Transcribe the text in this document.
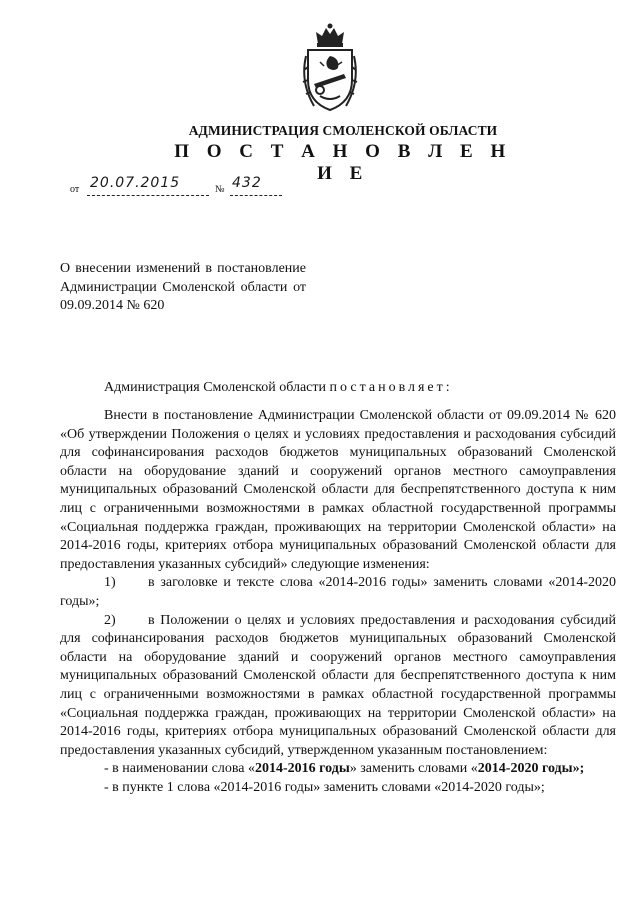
АДМИНИСТРАЦИЯ СМОЛЕНСКОЙ ОБЛАСТИ
П О С Т А Н О В Л Е Н И Е
от 20.07.2015	№ 432
О внесении изменений в постановление Администрации Смоленской области от 09.09.2014 № 620
Администрация Смоленской области постановляет:

Внести в постановление Администрации Смоленской области от 09.09.2014 № 620 «Об утверждении Положения о целях и условиях предоставления и расходования субсидий для софинансирования расходов бюджетов муниципальных образований Смоленской области на оборудование зданий и сооружений органов местного самоуправления муниципальных образований Смоленской области для беспрепятственного доступа к ним лиц с ограниченными возможностями в рамках областной государственной программы «Социальная поддержка граждан, проживающих на территории Смоленской области» на 2014-2016 годы, критериях отбора муниципальных образований Смоленской области для предоставления указанных субсидий» следующие изменения:

1) в заголовке и тексте слова «2014-2016 годы» заменить словами «2014-2020 годы»;

2) в Положении о целях и условиях предоставления и расходования субсидий для софинансирования расходов бюджетов муниципальных образований Смоленской области на оборудование зданий и сооружений органов местного самоуправления муниципальных образований Смоленской области для беспрепятственного доступа к ним лиц с ограниченными возможностями в рамках областной государственной программы «Социальная поддержка граждан, проживающих на территории Смоленской области» на 2014-2016 годы, критериях отбора муниципальных образований Смоленской области для предоставления указанных субсидий, утвержденном указанным постановлением:

- в наименовании слова «2014-2016 годы» заменить словами «2014-2020 годы»;

- в пункте 1 слова «2014-2016 годы» заменить словами «2014-2020 годы»;
